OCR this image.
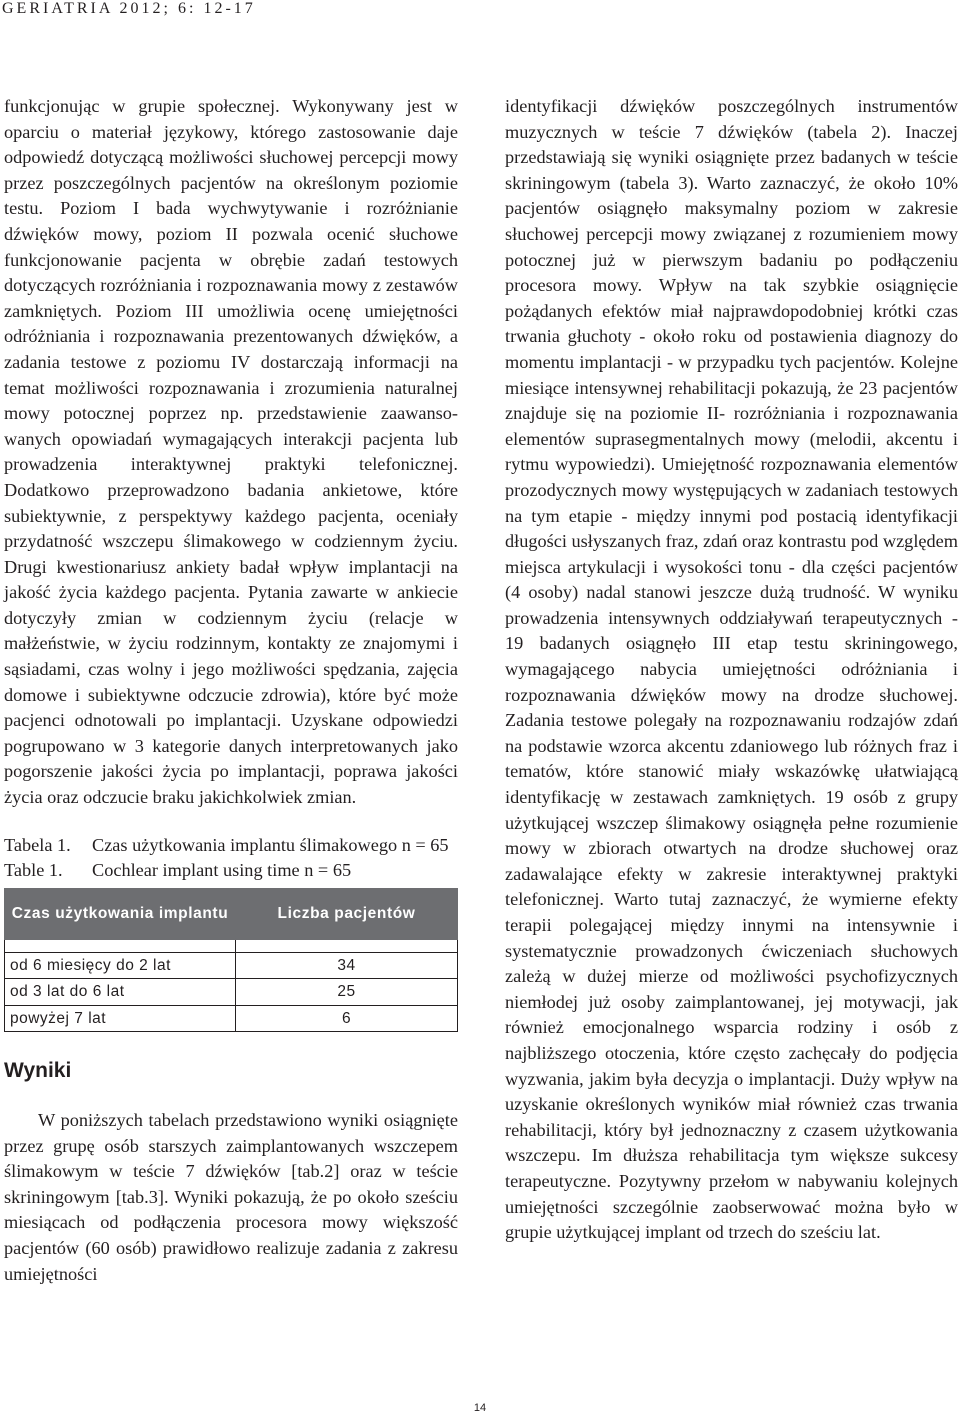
GERIATRIA 2012; 6: 12-17

funkcjonując w grupie społecznej. Wykonywany jest w oparciu o materiał językowy, którego zastosowanie daje odpowiedź dotyczącą możliwości słuchowej percepcji mowy przez poszczególnych pacjentów na określonym poziomie testu. Poziom I bada wychwytywanie i rozróżnianie dźwięków mowy, poziom II pozwala ocenić słuchowe funkcjonowanie pacjenta w obrębie zadań testowych dotyczących rozróżniania i rozpoznawania mowy z zestawów zamkniętych. Poziom III umożliwia ocenę umiejętności odróżniania i rozpoznawania prezentowanych dźwięków, a zadania testowe z poziomu IV dostarczają informacji na temat możliwości rozpoznawania i zrozumienia naturalnej mowy potocznej poprzez np. przedstawienie zaawansowanych opowiadań wymagających interakcji pacjenta lub prowadzenia interaktywnej praktyki telefonicznej. Dodatkowo przeprowadzono badania ankietowe, które subiektywnie, z perspektywy każdego pacjenta, oceniały przydatność wszczepu ślimakowego w codziennym życiu. Drugi kwestionariusz ankiety badał wpływ implantacji na jakość życia każdego pacjenta. Pytania zawarte w ankiecie dotyczyły zmian w codziennym życiu (relacje w małżeństwie, w życiu rodzinnym, kontakty ze znajomymi i sąsiadami, czas wolny i jego możliwości spędzania, zajęcia domowe i subiektywne odczucie zdrowia), które być może pacjenci odnotowali po implantacji. Uzyskane odpowiedzi pogrupowano w 3 kategorie danych interpretowanych jako pogorszenie jakości życia po implantacji, poprawa jakości życia oraz odczucie braku jakichkolwiek zmian.

Tabela 1.	Czas użytkowania implantu ślimakowego n = 65
Table 1.	Cochlear implant using time n = 65
Czas użytkowania implantu	Liczba pacjentów

od 6 miesięcy do 2 lat	34
od 3 lat do 6 lat	25
powyżej 7 lat	6
Wyniki

W poniższych tabelach przedstawiono wyniki osiągnięte przez grupę osób starszych zaimplantowanych wszczepem ślimakowym w teście 7 dźwięków [tab.2] oraz w teście skriningowym [tab.3]. Wyniki pokazują, że po około sześciu miesiącach od podłączenia procesora mowy większość pacjentów (60 osób) prawidłowo realizuje zadania z zakresu umiejętności

identyfikacji dźwięków poszczególnych instrumentów muzycznych w teście 7 dźwięków (tabela 2). Inaczej przedstawiają się wyniki osiągnięte przez badanych w teście skriningowym (tabela 3). Warto zaznaczyć, że około 10% pacjentów osiągnęło maksymalny poziom w zakresie słuchowej percepcji mowy związanej z rozumieniem mowy potocznej już w pierwszym badaniu po podłączeniu procesora mowy. Wpływ na tak szybkie osiągnięcie pożądanych efektów miał najprawdopodobniej krótki czas trwania głuchoty - około roku od postawienia diagnozy do momentu implantacji - w przypadku tych pacjentów. Kolejne miesiące intensywnej rehabilitacji pokazują, że 23 pacjentów znajduje się na poziomie II- rozróżniania i rozpoznawania elementów suprasegmentalnych mowy (melodii, akcentu i rytmu wypowiedzi). Umiejętność rozpoznawania elementów prozodycznych mowy występujących w zadaniach testowych na tym etapie - między innymi pod postacią identyfikacji długości usłyszanych fraz, zdań oraz kontrastu pod względem miejsca artykulacji i wysokości tonu - dla części pacjentów (4 osoby) nadal stanowi jeszcze dużą trudność. W wyniku prowadzenia intensywnych oddziaływań terapeutycznych - 19 badanych osiągnęło III etap testu skriningowego, wymagającego nabycia umiejętności odróżniania i rozpoznawania dźwięków mowy na drodze słuchowej. Zadania testowe polegały na rozpoznawaniu rodzajów zdań na podstawie wzorca akcentu zdaniowego lub różnych fraz i tematów, które stanowić miały wskazówkę ułatwiającą identyfikację w zestawach zamkniętych. 19 osób z grupy użytkującej wszczep ślimakowy osiągnęła pełne rozumienie mowy w zbiorach otwartych na drodze słuchowej oraz zadawalające efekty w zakresie interaktywnej praktyki telefonicznej. Warto tutaj zaznaczyć, że wymierne efekty terapii polegającej między innymi na intensywnie i systematycznie prowadzonych ćwiczeniach słuchowych zależą w dużej mierze od możliwości psychofizycznych niemłodej już osoby zaimplantowanej, jej motywacji, jak również emocjonalnego wsparcia rodziny i osób z najbliższego otoczenia, które często zachęcały do podjęcia wyzwania, jakim była decyzja o implantacji. Duży wpływ na uzyskanie określonych wyników miał również czas trwania rehabilitacji, który był jednoznaczny z czasem użytkowania wszczepu. Im dłuższa rehabilitacja tym większe sukcesy terapeutyczne. Pozytywny przełom w nabywaniu kolejnych umiejętności szczególnie zaobserwować można było w grupie użytkującej implant od trzech do sześciu lat.

14
